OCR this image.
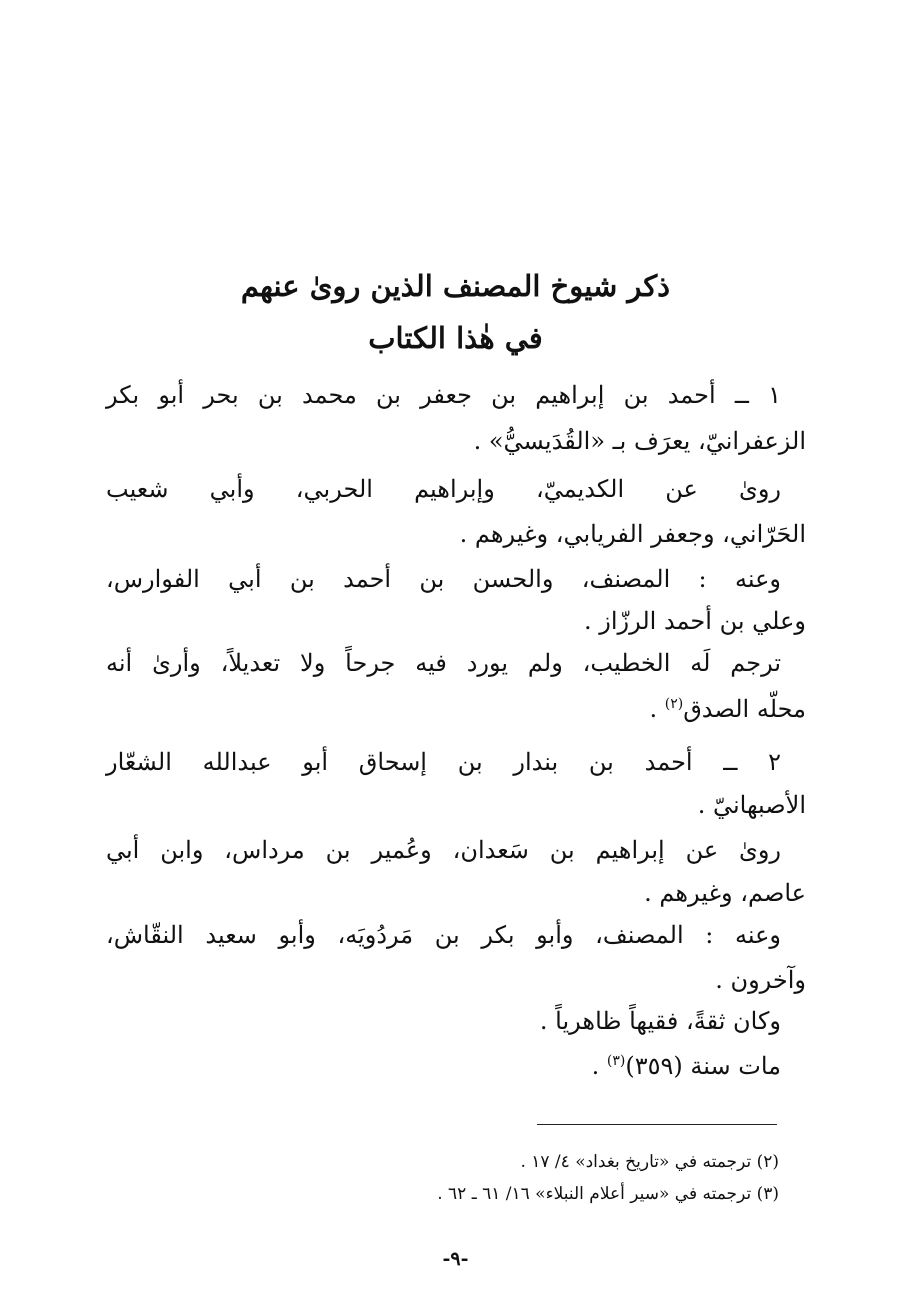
ذكر شيوخ المصنف الذين روىٰ عنهم
في هٰذا الكتاب
١ ــ أحمد بن إبراهيم بن جعفر بن محمد بن بحر أبو بكر
الزعفرانيّ، يعرَف بـ «القُدَيسيُّ» .
روىٰ عن الكديميّ، وإبراهيم الحربي، وأبي شعيب
الحَرّاني، وجعفر الفريابي، وغيرهم .
وعنه : المصنف، والحسن بن أحمد بن أبي الفوارس،
وعلي بن أحمد الرزّاز .
ترجم لَه الخطيب، ولم يورد فيه جرحاً ولا تعديلاً، وأرىٰ أنه
محلّه الصدق$^{(٢)}$ .
٢ ــ أحمد بن بندار بن إسحاق أبو عبدالله الشعّار
الأصبهانيّ .
روىٰ عن إبراهيم بن سَعدان، وعُمير بن مرداس، وابن أبي
عاصم، وغيرهم .
وعنه : المصنف، وأبو بكر بن مَردُويَه، وأبو سعيد النقّاش،
وآخرون .
وكان ثقةً، فقيهاً ظاهرياً .
مات سنة (٣٥٩)$^{(٣)}$ .
(٢) ترجمته في «تاريخ بغداد» ٤/ ١٧ .
(٣) ترجمته في «سير أعلام النبلاء» ١٦/ ٦١ ـ ٦٢ .
-٩-
